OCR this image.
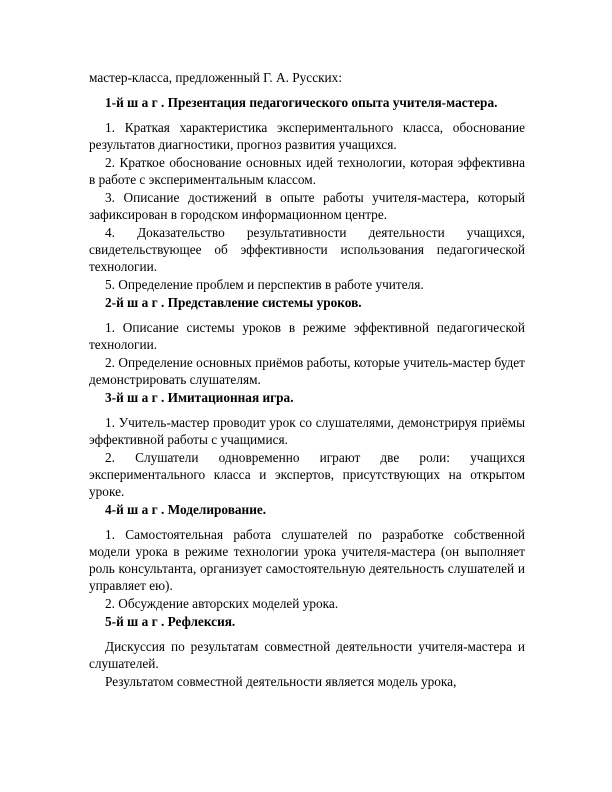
мастер-класса, предложенный Г. А. Русских:

1-й ш а г . Презентация педагогического опыта учителя-мастера.

1. Краткая характеристика экспериментального класса, обоснование результатов диагностики, прогноз развития учащихся.

2. Краткое обоснование основных идей технологии, которая эффективна в работе с экспериментальным классом.

3. Описание достижений в опыте работы учителя-мастера, который зафиксирован в городском информационном центре.

4. Доказательство результативности деятельности учащихся, свидетельствующее об эффективности использования педагогической технологии.

5. Определение проблем и перспектив в работе учителя.

2-й ш а г . Представление системы уроков.

1. Описание системы уроков в режиме эффективной педагогической технологии.

2. Определение основных приёмов работы, которые учитель-мастер будет демонстрировать слушателям.

3-й ш а г . Имитационная игра.

1. Учитель-мастер проводит урок со слушателями, демонстрируя приёмы эффективной работы с учащимися.

2. Слушатели одновременно играют две роли: учащихся экспериментального класса и экспертов, присутствующих на открытом уроке.

4-й ш а г . Моделирование.

1. Самостоятельная работа слушателей по разработке собственной модели урока в режиме технологии урока учителя-мастера (он выполняет роль консультанта, организует самостоятельную деятельность слушателей и управляет ею).

2. Обсуждение авторских моделей урока.

5-й ш а г . Рефлексия.

Дискуссия по результатам совместной деятельности учителя-мастера и слушателей.

Результатом совместной деятельности является модель урока,
